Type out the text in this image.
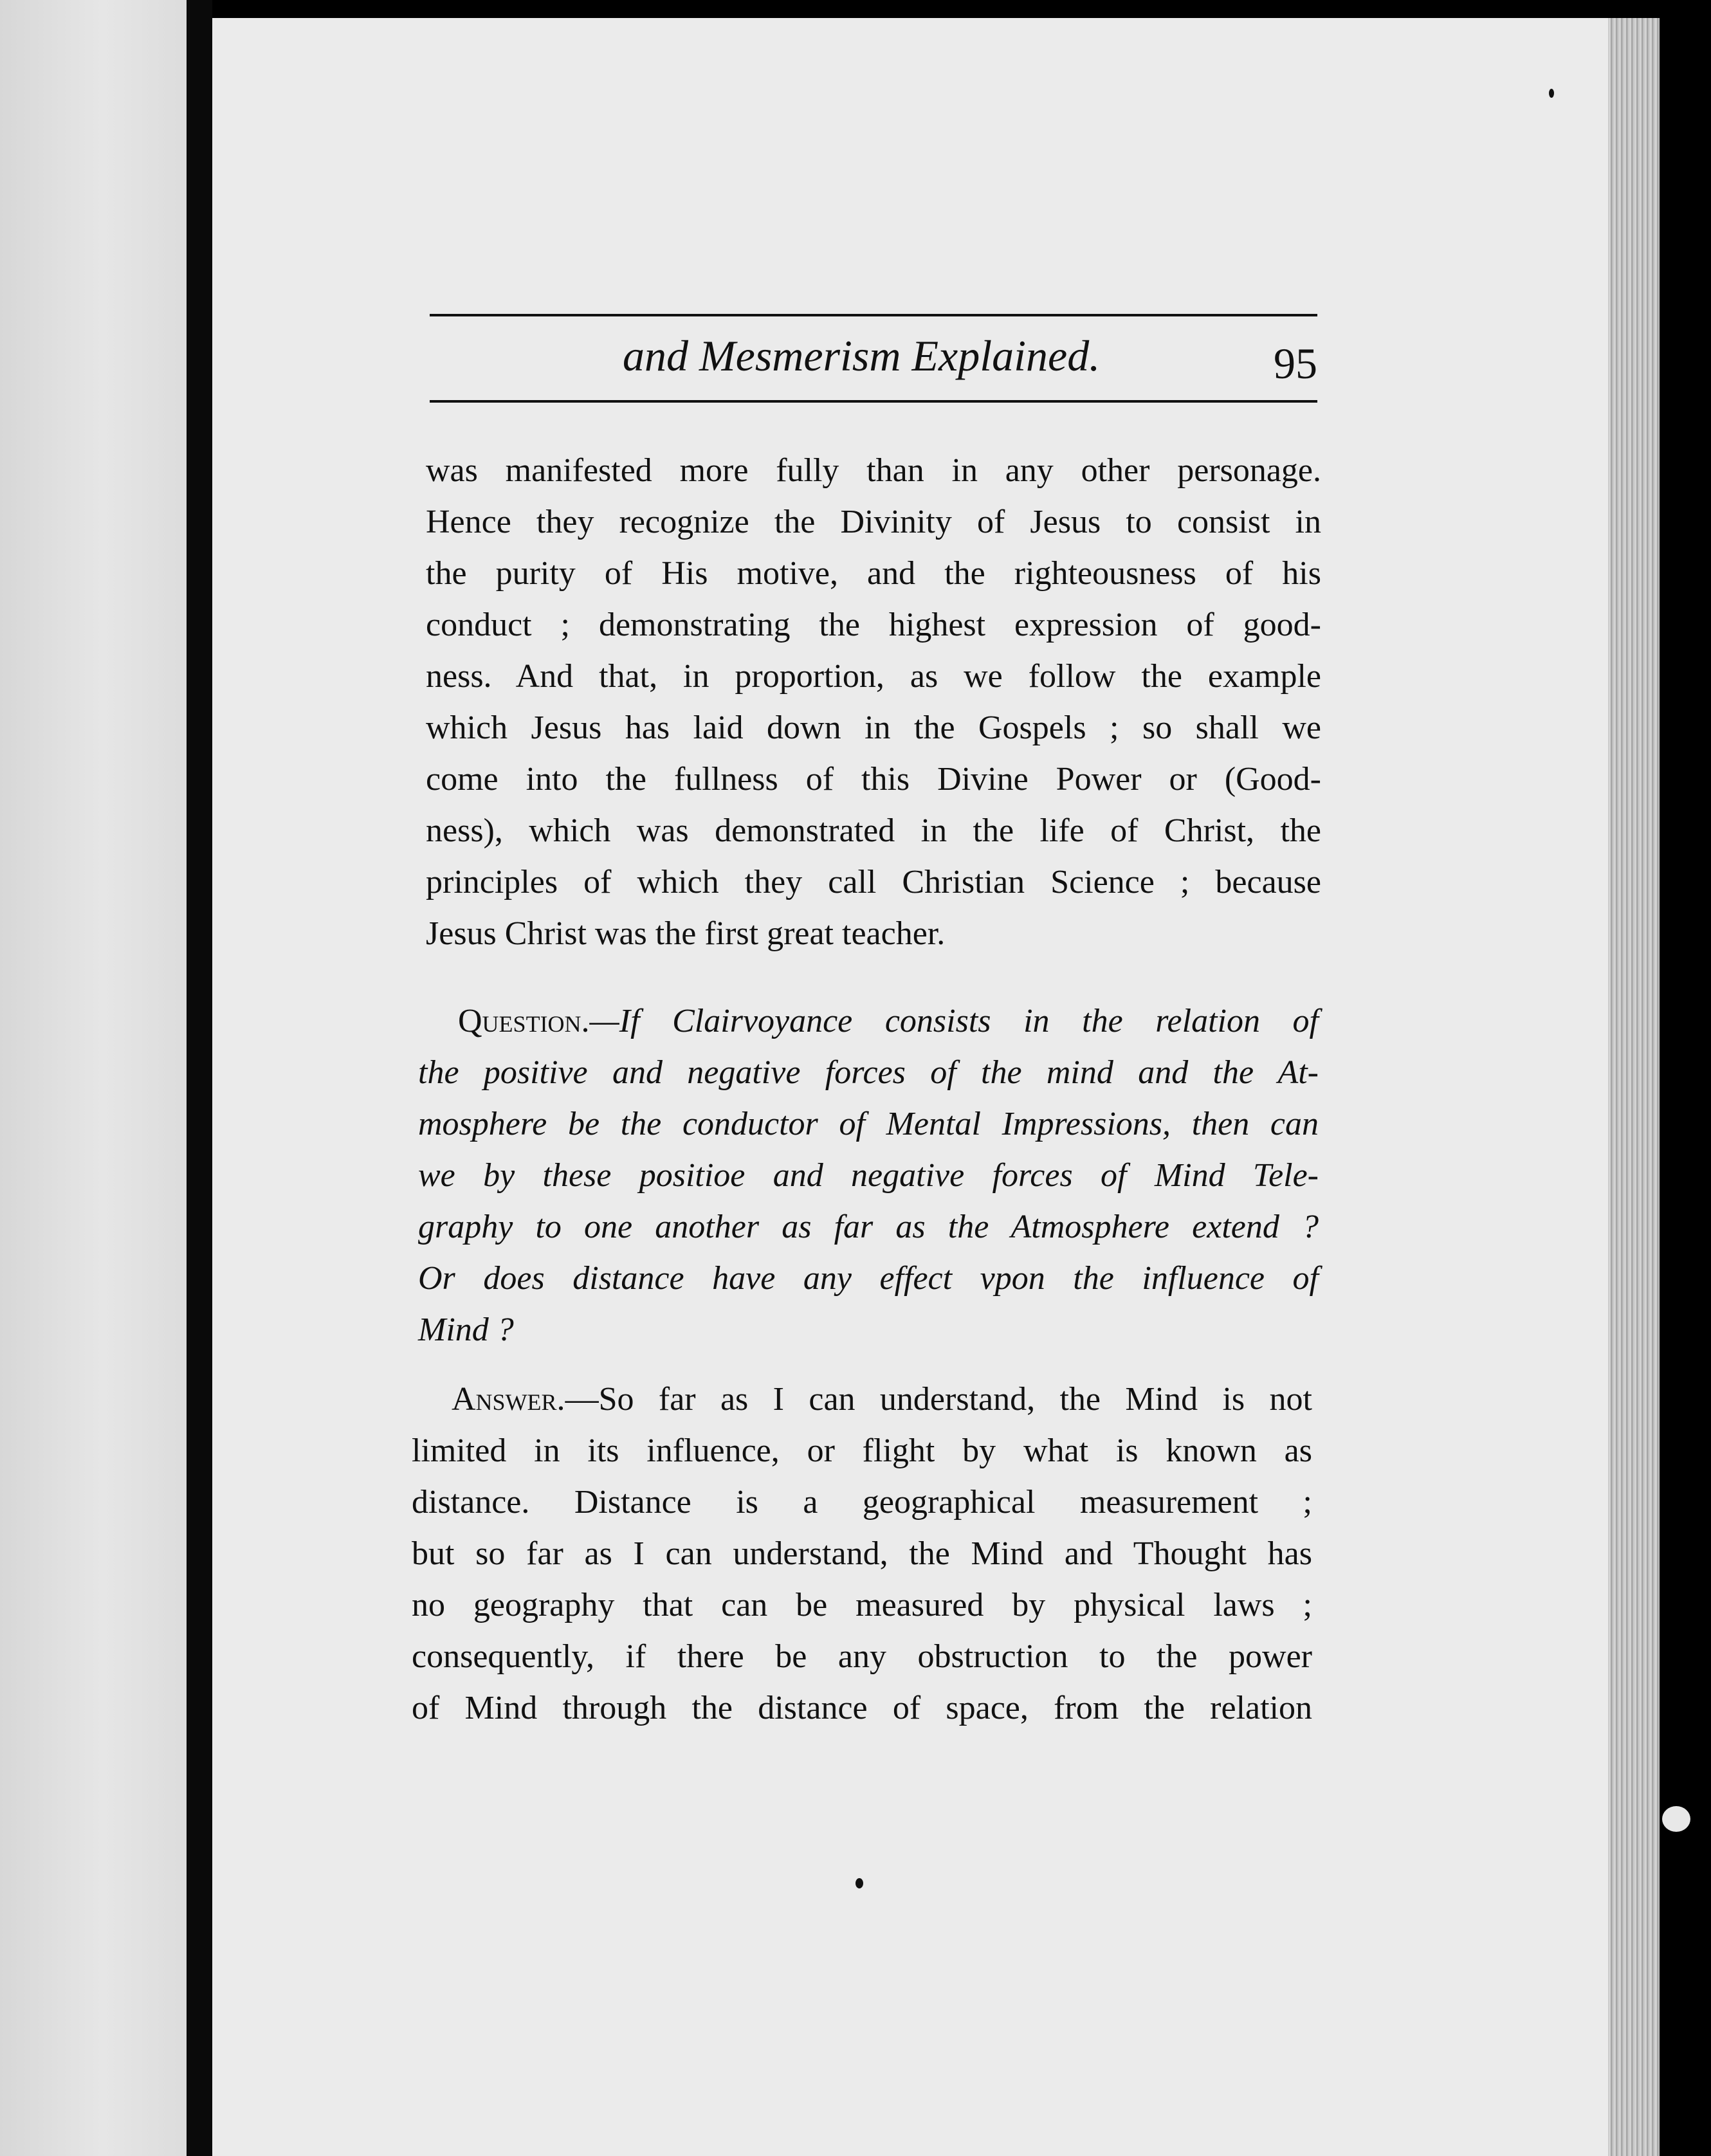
and Mesmerism Explained.	95
was manifested more fully than in any other personage.
Hence they recognize the Divinity of Jesus to consist in
the purity of His motive, and the righteousness of his
conduct ; demonstrating the highest expression of good-
ness. And that, in proportion, as we follow the example
which Jesus has laid down in the Gospels ; so shall we
come into the fullness of this Divine Power or (Good-
ness), which was demonstrated in the life of Christ, the
principles of which they call Christian Science ; because
Jesus Christ was the first great teacher.
Question.—If Clairvoyance consists in the relation of
the positive and negative forces of the mind and the At-
mosphere be the conductor of Mental Impressions, then can
we by these positioe and negative forces of Mind Tele-
graphy to one another as far as the Atmosphere extend ?
Or does distance have any effect vpon the influence of
Mind ?
Answer.—So far as I can understand, the Mind is not
limited in its influence, or flight by what is known as
distance. Distance is a geographical measurement ;
but so far as I can understand, the Mind and Thought has
no geography that can be measured by physical laws ;
consequently, if there be any obstruction to the power
of Mind through the distance of space, from the relation
